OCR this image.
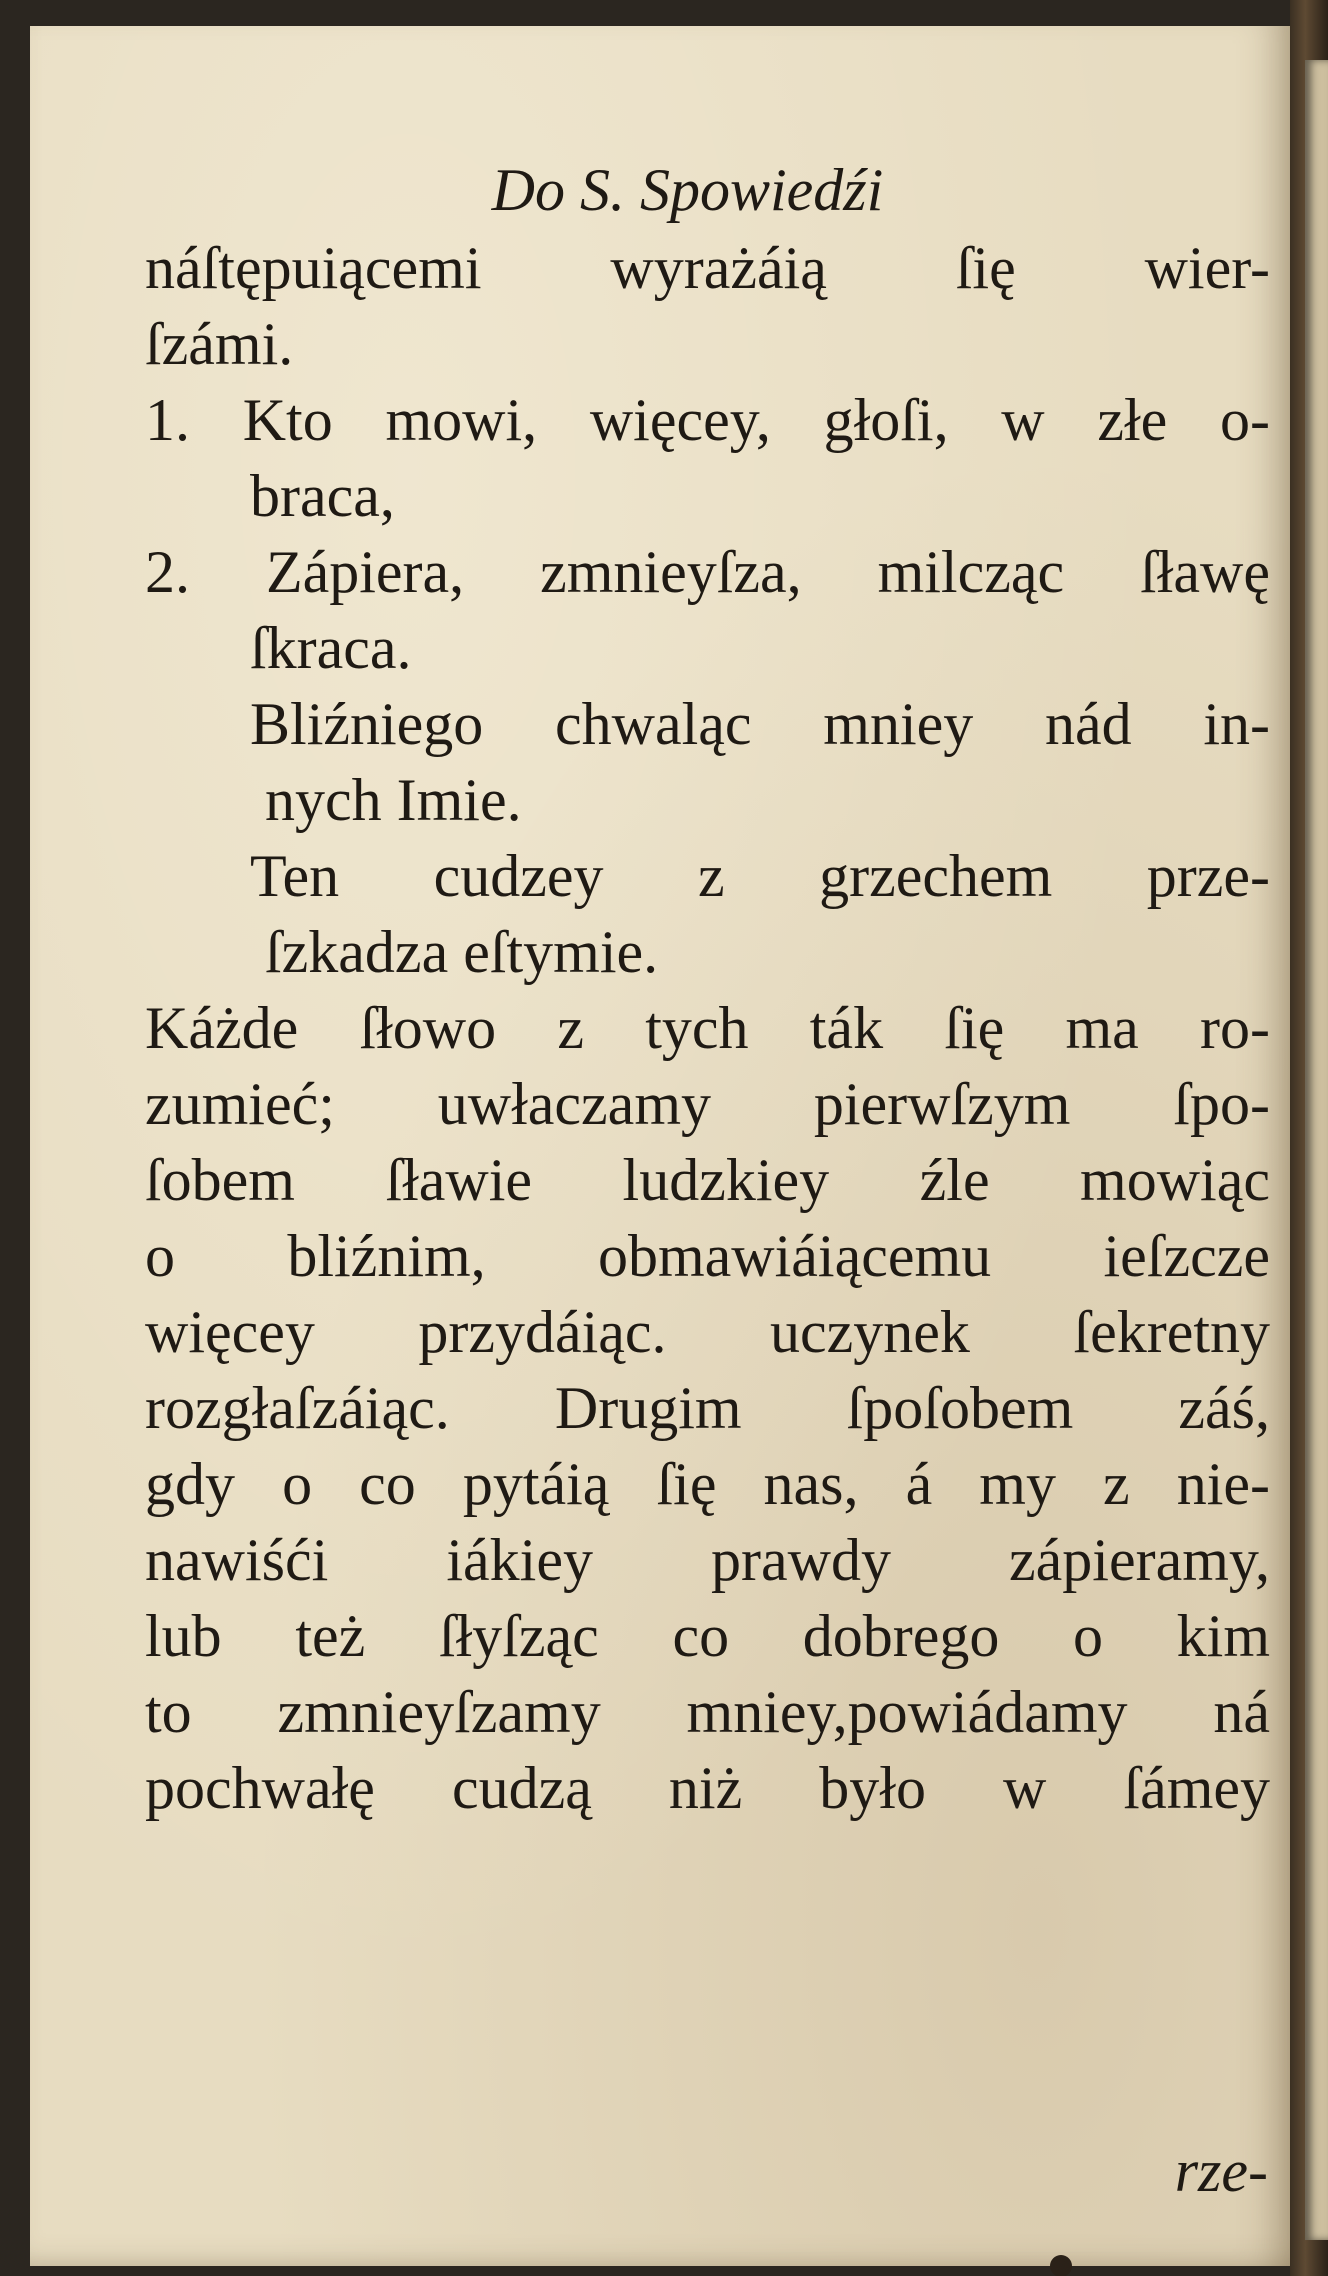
Do S. Spowiedźi

náſtępuiącemi wyrażáią ſię wier-

ſzámi.

1. Kto mowi, więcey, głoſi, w złe o-

braca,

2. Zápiera, zmnieyſza, milcząc ſławę

ſkraca.

Bliźniego chwaląc mniey nád in-

nych Imie.

Ten cudzey z grzechem prze-

ſzkadza eſtymie.

Káżde ſłowo z tych ták ſię ma ro-

zumieć; uwłaczamy pierwſzym ſpo-

ſobem ſławie ludzkiey źle mowiąc

o bliźnim, obmawiáiącemu ieſzcze

więcey przydáiąc. uczynek ſekretny

rozgłaſzáiąc. Drugim ſpoſobem záś,

gdy o co pytáią ſię nas, á my z nie-

nawiśći iákiey prawdy zápieramy,

lub też ſłyſząc co dobrego o kim

to zmnieyſzamy mniey,powiádamy ná

pochwałę cudzą niż było w ſámey

rze-
